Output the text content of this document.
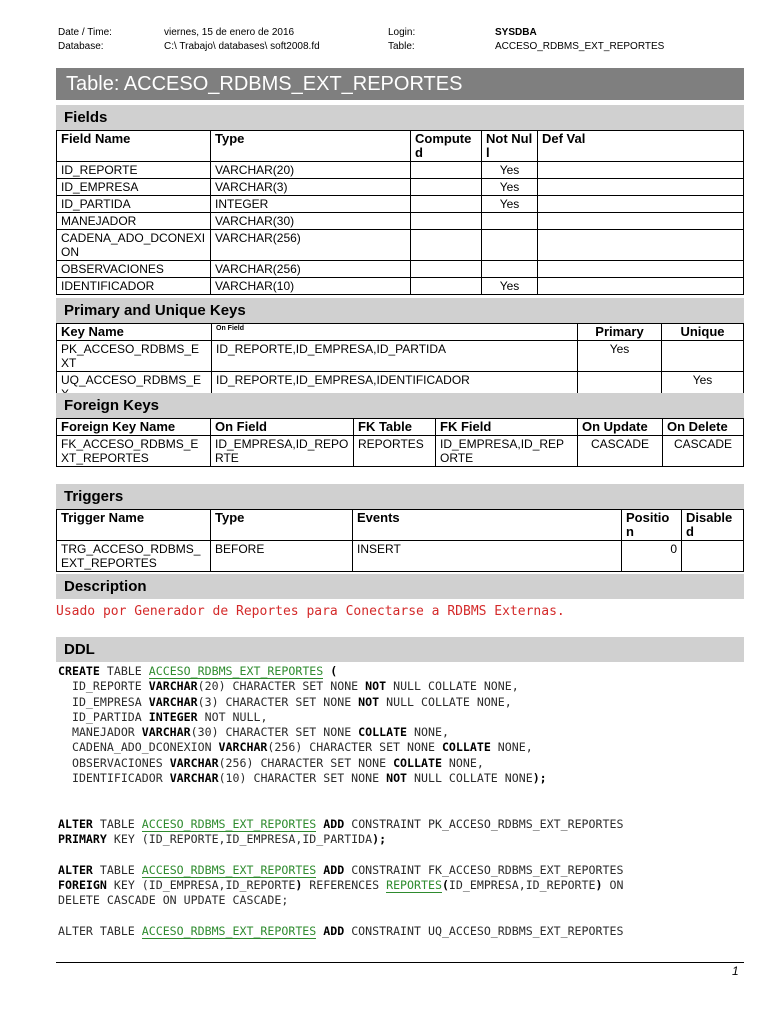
Date / Time:	viernes, 15 de enero de 2016	Login:	SYSDBA
Database:	C:\ Trabajo\ databases\ soft2008.fd	Table:	ACCESO_RDBMS_EXT_REPORTES
Table: ACCESO_RDBMS_EXT_REPORTES
Fields
Field Name	Type	Computed	Not Null	Def Val
ID_REPORTE	VARCHAR(20)		Yes	
ID_EMPRESA	VARCHAR(3)		Yes	
ID_PARTIDA	INTEGER		Yes	
MANEJADOR	VARCHAR(30)			
CADENA_ADO_DCONEXION	VARCHAR(256)			
OBSERVACIONES	VARCHAR(256)			
IDENTIFICADOR	VARCHAR(10)		Yes	
Primary and Unique Keys
Key Name	On Field	Primary	Unique
PK_ACCESO_RDBMS_EXT	ID_REPORTE,ID_EMPRESA,ID_PARTIDA	Yes	
UQ_ACCESO_RDBMS_E	ID_REPORTE,ID_EMPRESA,IDENTIFICADOR		Yes
Foreign Keys
Foreign Key Name	On Field	FK Table	FK Field	On Update	On Delete
FK_ACCESO_RDBMS_EXT_REPORTES	ID_EMPRESA,ID_REPORTE	REPORTES	ID_EMPRESA,ID_REPORTE	CASCADE	CASCADE
Triggers
Trigger Name	Type	Events	Position	Disabled
TRG_ACCESO_RDBMS_EXT_REPORTES	BEFORE	INSERT	0	
Description
Usado por Generador de Reportes para Conectarse a RDBMS Externas.
DDL
CREATE TABLE ACCESO_RDBMS_EXT_REPORTES (
ID_REPORTE VARCHAR(20) CHARACTER SET NONE NOT NULL COLLATE NONE,
ID_EMPRESA VARCHAR(3) CHARACTER SET NONE NOT NULL COLLATE NONE,
ID_PARTIDA INTEGER NOT NULL,
MANEJADOR VARCHAR(30) CHARACTER SET NONE COLLATE NONE,
CADENA_ADO_DCONEXION VARCHAR(256) CHARACTER SET NONE COLLATE NONE,
OBSERVACIONES VARCHAR(256) CHARACTER SET NONE COLLATE NONE,
IDENTIFICADOR VARCHAR(10) CHARACTER SET NONE NOT NULL COLLATE NONE);
ALTER TABLE ACCESO_RDBMS_EXT_REPORTES ADD CONSTRAINT PK_ACCESO_RDBMS_EXT_REPORTES
PRIMARY KEY (ID_REPORTE,ID_EMPRESA,ID_PARTIDA);
ALTER TABLE ACCESO_RDBMS_EXT_REPORTES ADD CONSTRAINT FK_ACCESO_RDBMS_EXT_REPORTES
FOREIGN KEY (ID_EMPRESA,ID_REPORTE) REFERENCES REPORTES(ID_EMPRESA,ID_REPORTE) ON
DELETE CASCADE ON UPDATE CASCADE;
ALTER TABLE ACCESO_RDBMS_EXT_REPORTES ADD CONSTRAINT UQ_ACCESO_RDBMS_EXT_REPORTES
1
